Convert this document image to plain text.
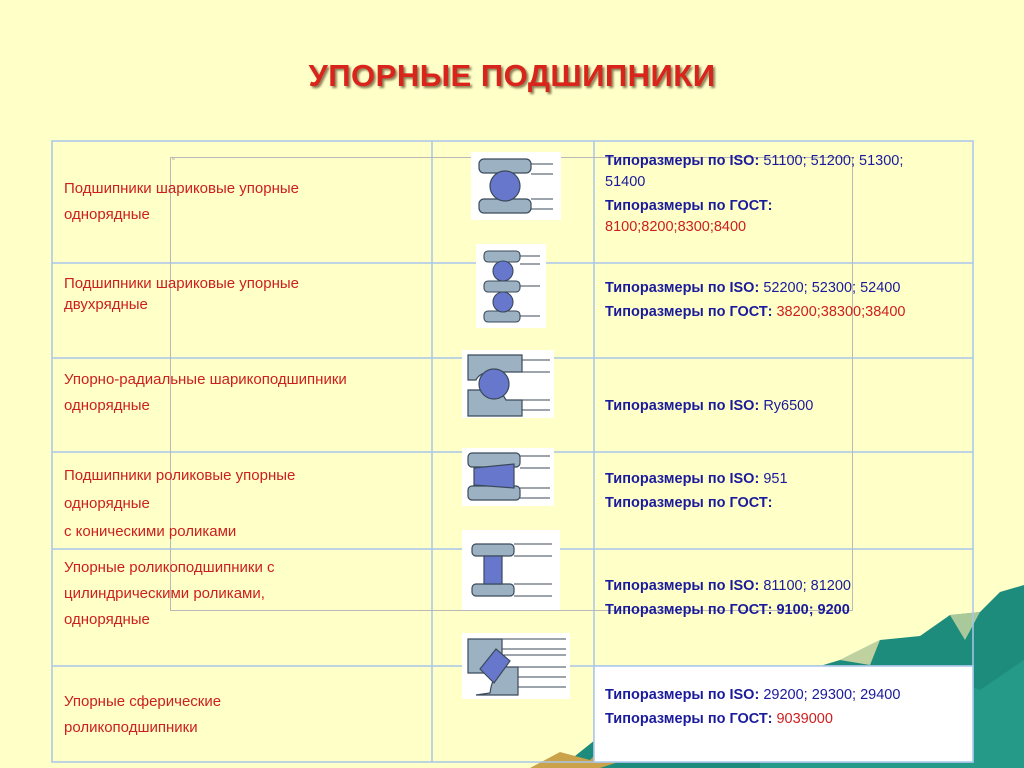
УПОРНЫЕ ПОДШИПНИКИ
▫
Подшипники шариковые упорные
однорядные
Подшипники шариковые упорные
двухрядные
Упорно-радиальные шарикоподшипники
однорядные
Подшипники роликовые упорные
однорядные
с коническими роликами
Упорные роликоподшипники с
цилиндрическими роликами,
однорядные
Упорные сферические
роликоподшипники
Типоразмеры по ISO: 51100; 51200; 51300;
51400
Типоразмеры по ГОСТ:
8100;8200;8300;8400
Типоразмеры по ISO: 52200; 52300; 52400
Типоразмеры по ГОСТ: 38200;38300;38400
Типоразмеры по ISO: Ry6500
Типоразмеры по ISO: 951
Типоразмеры по ГОСТ:
Типоразмеры по ISO: 81100; 81200
Типоразмеры по ГОСТ: 9100; 9200
Типоразмеры по ISO: 29200; 29300; 29400
Типоразмеры по ГОСТ: 9039000
